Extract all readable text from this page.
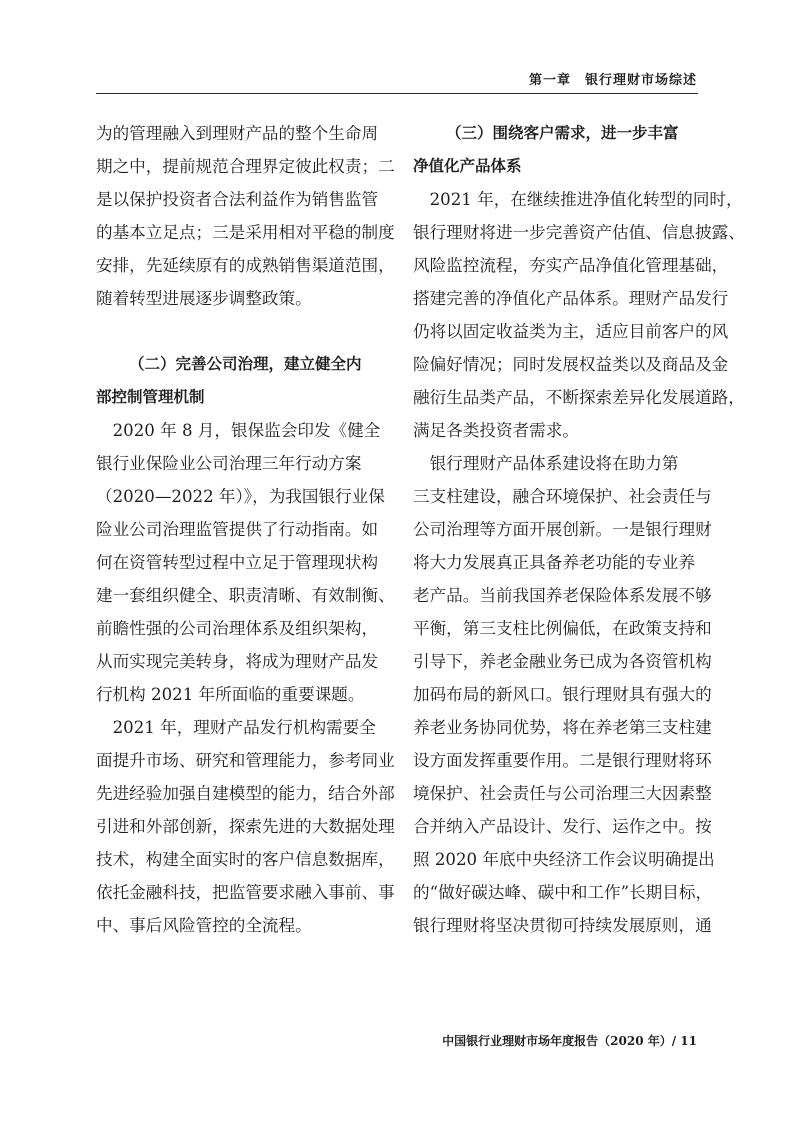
第一章　银行理财市场综述
为的管理融入到理财产品的整个生命周
期之中，提前规范合理界定彼此权责；二
是以保护投资者合法利益作为销售监管
的基本立足点；三是采用相对平稳的制度
安排，先延续原有的成熟销售渠道范围，
随着转型进展逐步调整政策。
（二）完善公司治理，建立健全内
部控制管理机制
　2020 年 8 月，银保监会印发《健全
银行业保险业公司治理三年行动方案
（2020—2022 年）》，为我国银行业保
险业公司治理监管提供了行动指南。如
何在资管转型过程中立足于管理现状构
建一套组织健全、职责清晰、有效制衡、
前瞻性强的公司治理体系及组织架构，
从而实现完美转身，将成为理财产品发
行机构 2021 年所面临的重要课题。
　2021 年，理财产品发行机构需要全
面提升市场、研究和管理能力，参考同业
先进经验加强自建模型的能力，结合外部
引进和外部创新，探索先进的大数据处理
技术，构建全面实时的客户信息数据库，
依托金融科技，把监管要求融入事前、事
中、事后风险管控的全流程。
（三）围绕客户需求，进一步丰富
净值化产品体系
　2021 年，在继续推进净值化转型的同时，
银行理财将进一步完善资产估值、信息披露、
风险监控流程，夯实产品净值化管理基础，
搭建完善的净值化产品体系。理财产品发行
仍将以固定收益类为主，适应目前客户的风
险偏好情况；同时发展权益类以及商品及金
融衍生品类产品，不断探索差异化发展道路，
满足各类投资者需求。
　银行理财产品体系建设将在助力第
三支柱建设，融合环境保护、社会责任与
公司治理等方面开展创新。一是银行理财
将大力发展真正具备养老功能的专业养
老产品。当前我国养老保险体系发展不够
平衡，第三支柱比例偏低，在政策支持和
引导下，养老金融业务已成为各资管机构
加码布局的新风口。银行理财具有强大的
养老业务协同优势，将在养老第三支柱建
设方面发挥重要作用。二是银行理财将环
境保护、社会责任与公司治理三大因素整
合并纳入产品设计、发行、运作之中。按
照 2020 年底中央经济工作会议明确提出
的“做好碳达峰、碳中和工作”长期目标，
银行理财将坚决贯彻可持续发展原则，通
中国银行业理财市场年度报告（2020 年）/ 11
